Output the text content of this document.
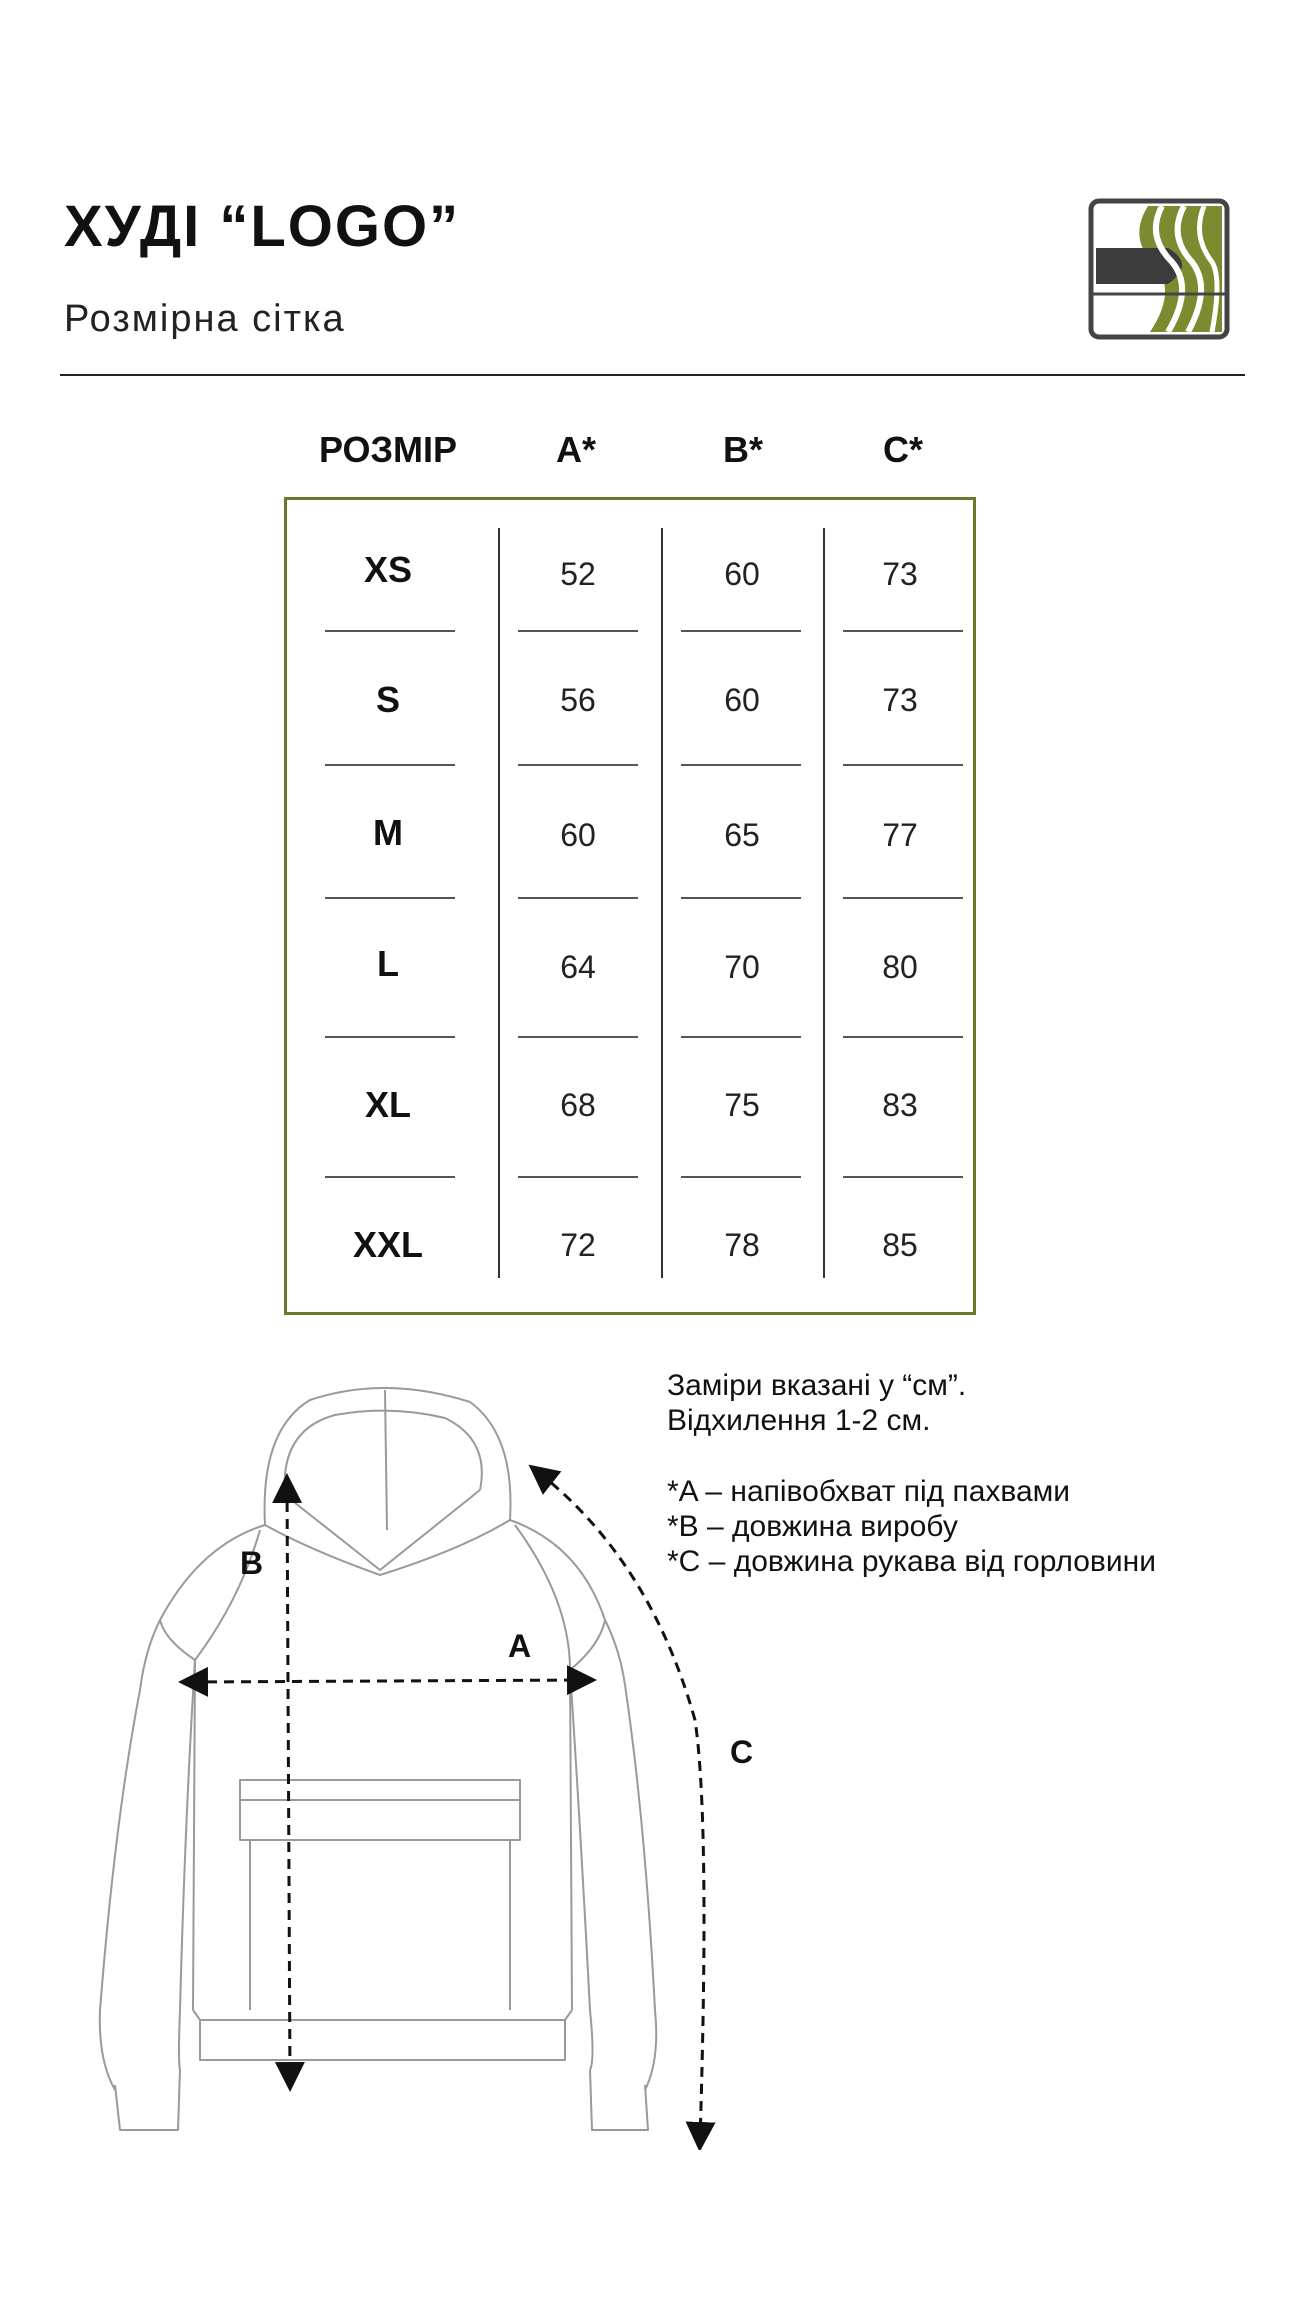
ХУДІ “LOGO”
Розмірна сітка
РОЗМІР	A*	B*	C*
XS	52	60	73
S	56	60	73
M	60	65	77
L	64	70	80
XL	68	75	83
XXL	72	78	85

Заміри вказані у “см”.

Відхилення 1-2 см.

*A – напівобхват під пахвами

*B – довжина виробу

*C – довжина рукава від горловини

B
A
C
